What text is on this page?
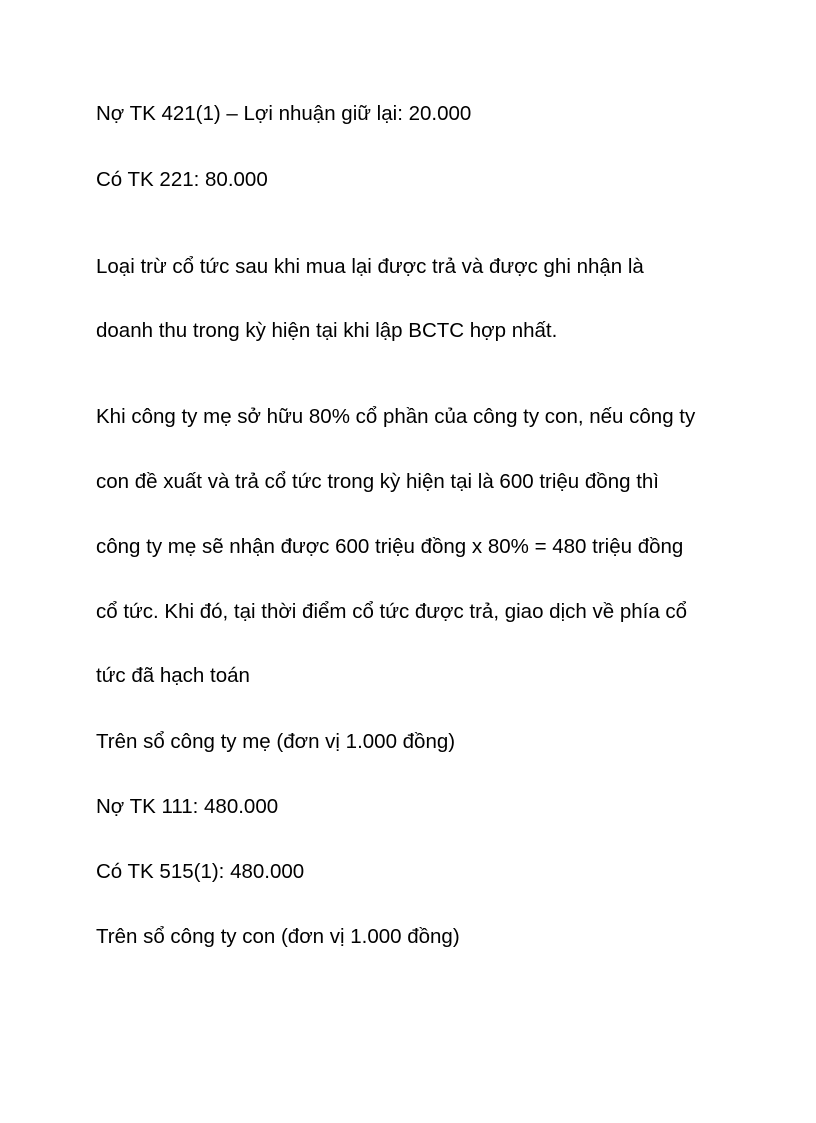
Nợ TK 421(1) – Lợi nhuận giữ lại: 20.000

Có TK 221: 80.000

Loại trừ cổ tức sau khi mua lại được trả và được ghi nhận là

doanh thu trong kỳ hiện tại khi lập BCTC hợp nhất.

Khi công ty mẹ sở hữu 80% cổ phần của công ty con, nếu công ty

con đề xuất và trả cổ tức trong kỳ hiện tại là 600 triệu đồng thì

công ty mẹ sẽ nhận được 600 triệu đồng x 80% = 480 triệu đồng

cổ tức. Khi đó, tại thời điểm cổ tức được trả, giao dịch về phía cổ

tức đã hạch toán

Trên sổ công ty mẹ (đơn vị 1.000 đồng)

Nợ TK 111: 480.000

Có TK 515(1): 480.000

Trên sổ công ty con (đơn vị 1.000 đồng)
